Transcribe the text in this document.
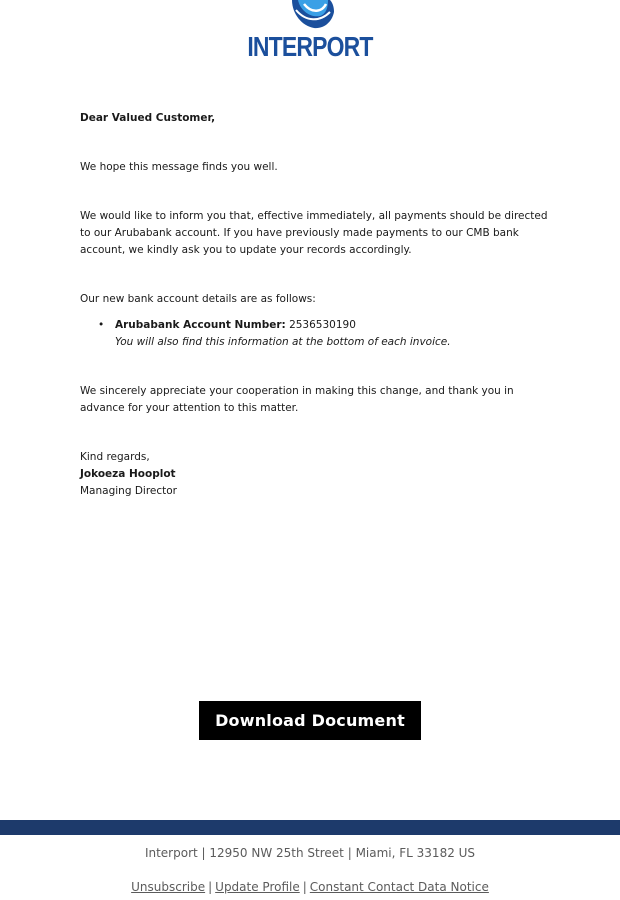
INTERPORT

Dear Valued Customer,

We hope this message finds you well.

We would like to inform you that, effective immediately, all payments should be directed to our Arubabank account. If you have previously made payments to our CMB bank account, we kindly ask you to update your records accordingly.

Our new bank account details are as follows:

• Arubabank Account Number: 2536530190
You will also find this information at the bottom of each invoice.

We sincerely appreciate your cooperation in making this change, and thank you in advance for your attention to this matter.

Kind regards,

Jokoeza Hooplot

Managing Director

Download Document
Interport | 12950 NW 25th Street | Miami, FL 33182 US
Unsubscribe | Update Profile | Constant Contact Data Notice
